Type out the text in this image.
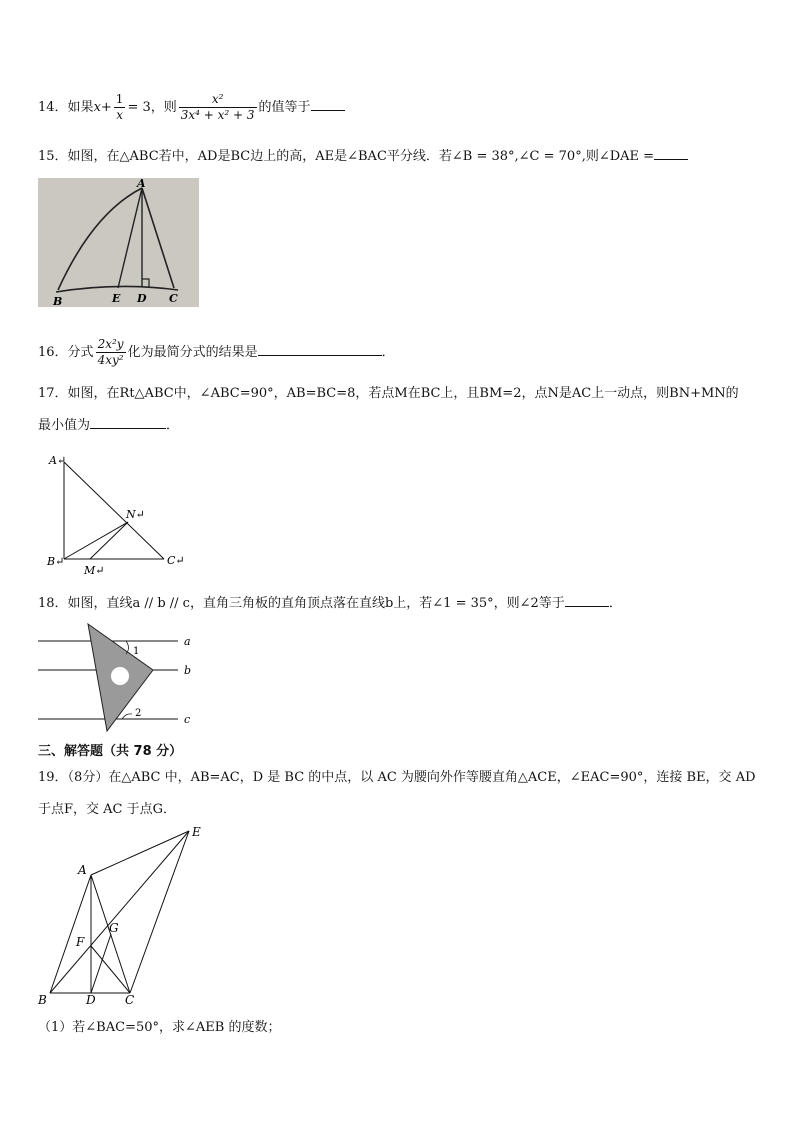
14．如果$x+ \frac{1}{x} = 3$，则 $\frac{\text{x²}}{\text{3x⁴ + x² + 3}}$ 的值等于
15．如图，在△ABC若中，AD是BC边上的高，AE是∠BAC平分线．若∠B = 38°,∠C = 70°,则∠DAE =
A
B	E D C
16．分式 $\frac{\text{2x²y}}{\text{4xy²}}$ 化为最简分式的结果是	．
17．如图，在Rt△ABC中，∠ABC=90°，AB=BC=8，若点M在BC上，且BM=2，点N是AC上一动点，则BN+MN的
最小值为	．
A↵
N↵
B↵
M↵
C↵
18．如图，直线a // b // c，直角三角板的直角顶点落在直线b上，若∠1 = 35°，则∠2等于	．
1
2
a
b
c
三、解答题（共 78 分）
19．（8分）在△ABC 中，AB=AC，D 是 BC 的中点，以 AC 为腰向外作等腰直角△ACE，∠EAC=90°，连接 BE，交 AD
于点F，交 AC 于点G．
A
E
G
F
B	D C
（1）若∠BAC=50°，求∠AEB 的度数；
